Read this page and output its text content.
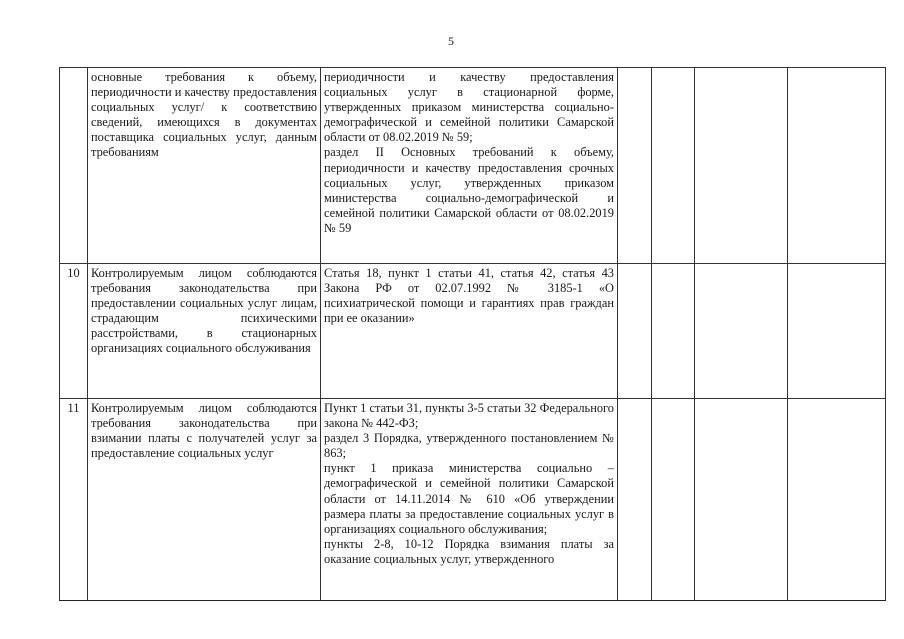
5
	основные требования к объему, периодичности и качеству предоставления социальных услуг/ к соответствию сведений, имеющихся в документах поставщика социальных услуг, данным требованиям	периодичности и качеству предоставления социальных услуг в стационарной форме, утвержденных приказом министерства социально-демографической и семейной политики Самарской области от 08.02.2019 № 59;
раздел II Основных требований к объему, периодичности и качеству предоставления срочных социальных услуг, утвержденных приказом министерства социально-демографической и семейной политики Самарской области от 08.02.2019 № 59				

10	Контролируемым лицом соблюдаются требования законодательства при предоставлении социальных услуг лицам, страдающим психическими расстройствами, в стационарных организациях социального обслуживания	Статья 18, пункт 1 статьи 41, статья 42, статья 43 Закона РФ от 02.07.1992 № 3185-1 «О психиатрической помощи и гарантиях прав граждан при ее оказании»				

11	Контролируемым лицом соблюдаются требования законодательства при взимании платы с получателей услуг за предоставление социальных услуг	Пункт 1 статьи 31, пункты 3-5 статьи 32 Федерального закона № 442-ФЗ;
раздел 3 Порядка, утвержденного постановлением № 863;
пункт 1 приказа министерства социально – демографической и семейной политики Самарской области от 14.11.2014 № 610 «Об утверждении размера платы за предоставление социальных услуг в организациях социального обслуживания;
пункты 2-8, 10-12 Порядка взимания платы за оказание социальных услуг, утвержденного				
